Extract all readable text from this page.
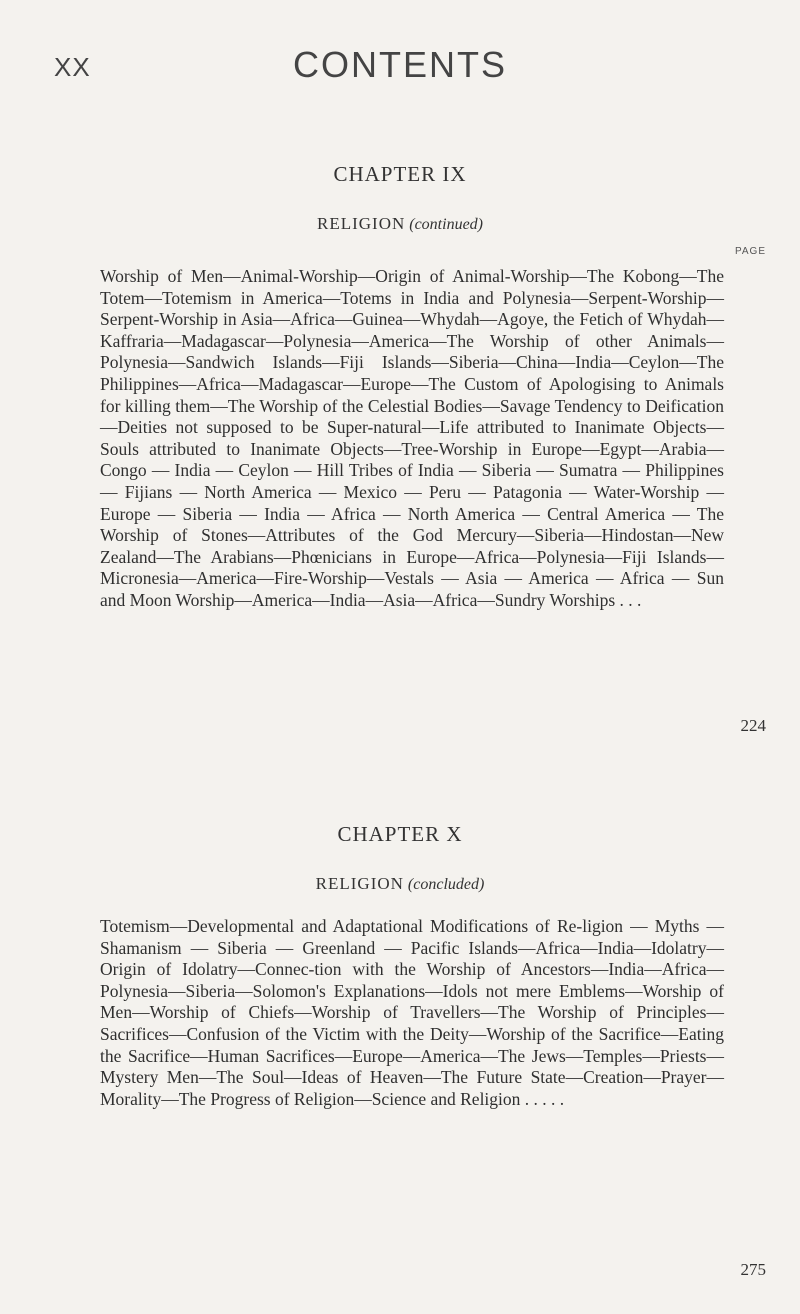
XX	CONTENTS
CHAPTER IX
RELIGION (continued)
PAGE
Worship of Men—Animal-Worship—Origin of Animal-Worship—The Kobong—The Totem—Totemism in America—Totems in India and Polynesia—Serpent-Worship—Serpent-Worship in Asia—Africa—Guinea—Whydah—Agoye, the Fetich of Whydah—Kaffraria—Madagascar—Polynesia—America—The Worship of other Animals—Polynesia—Sandwich Islands—Fiji Islands—Siberia—China—India—Ceylon—The Philippines—Africa—Madagascar—Europe—The Custom of Apologising to Animals for killing them—The Worship of the Celestial Bodies—Savage Tendency to Deification—Deities not supposed to be Super-natural—Life attributed to Inanimate Objects—Souls attributed to Inanimate Objects—Tree-Worship in Europe—Egypt—Arabia—Congo — India — Ceylon — Hill Tribes of India — Siberia — Sumatra — Philippines — Fijians — North America — Mexico — Peru — Patagonia — Water-Worship — Europe — Siberia — India — Africa — North America — Central America — The Worship of Stones—Attributes of the God Mercury—Siberia—Hindostan—New Zealand—The Arabians—Phœnicians in Europe—Africa—Polynesia—Fiji Islands—Micronesia—America—Fire-Worship—Vestals — Asia — America — Africa — Sun and Moon Worship—America—India—Asia—Africa—Sundry Worships . . .
224
CHAPTER X
RELIGION (concluded)
Totemism—Developmental and Adaptational Modifications of Re-ligion — Myths — Shamanism — Siberia — Greenland — Pacific Islands—Africa—India—Idolatry—Origin of Idolatry—Connec-tion with the Worship of Ancestors—India—Africa—Polynesia—Siberia—Solomon's Explanations—Idols not mere Emblems—Worship of Men—Worship of Chiefs—Worship of Travellers—The Worship of Principles—Sacrifices—Confusion of the Victim with the Deity—Worship of the Sacrifice—Eating the Sacrifice—Human Sacrifices—Europe—America—The Jews—Temples—Priests—Mystery Men—The Soul—Ideas of Heaven—The Future State—Creation—Prayer—Morality—The Progress of Religion—Science and Religion . . . . .
275
